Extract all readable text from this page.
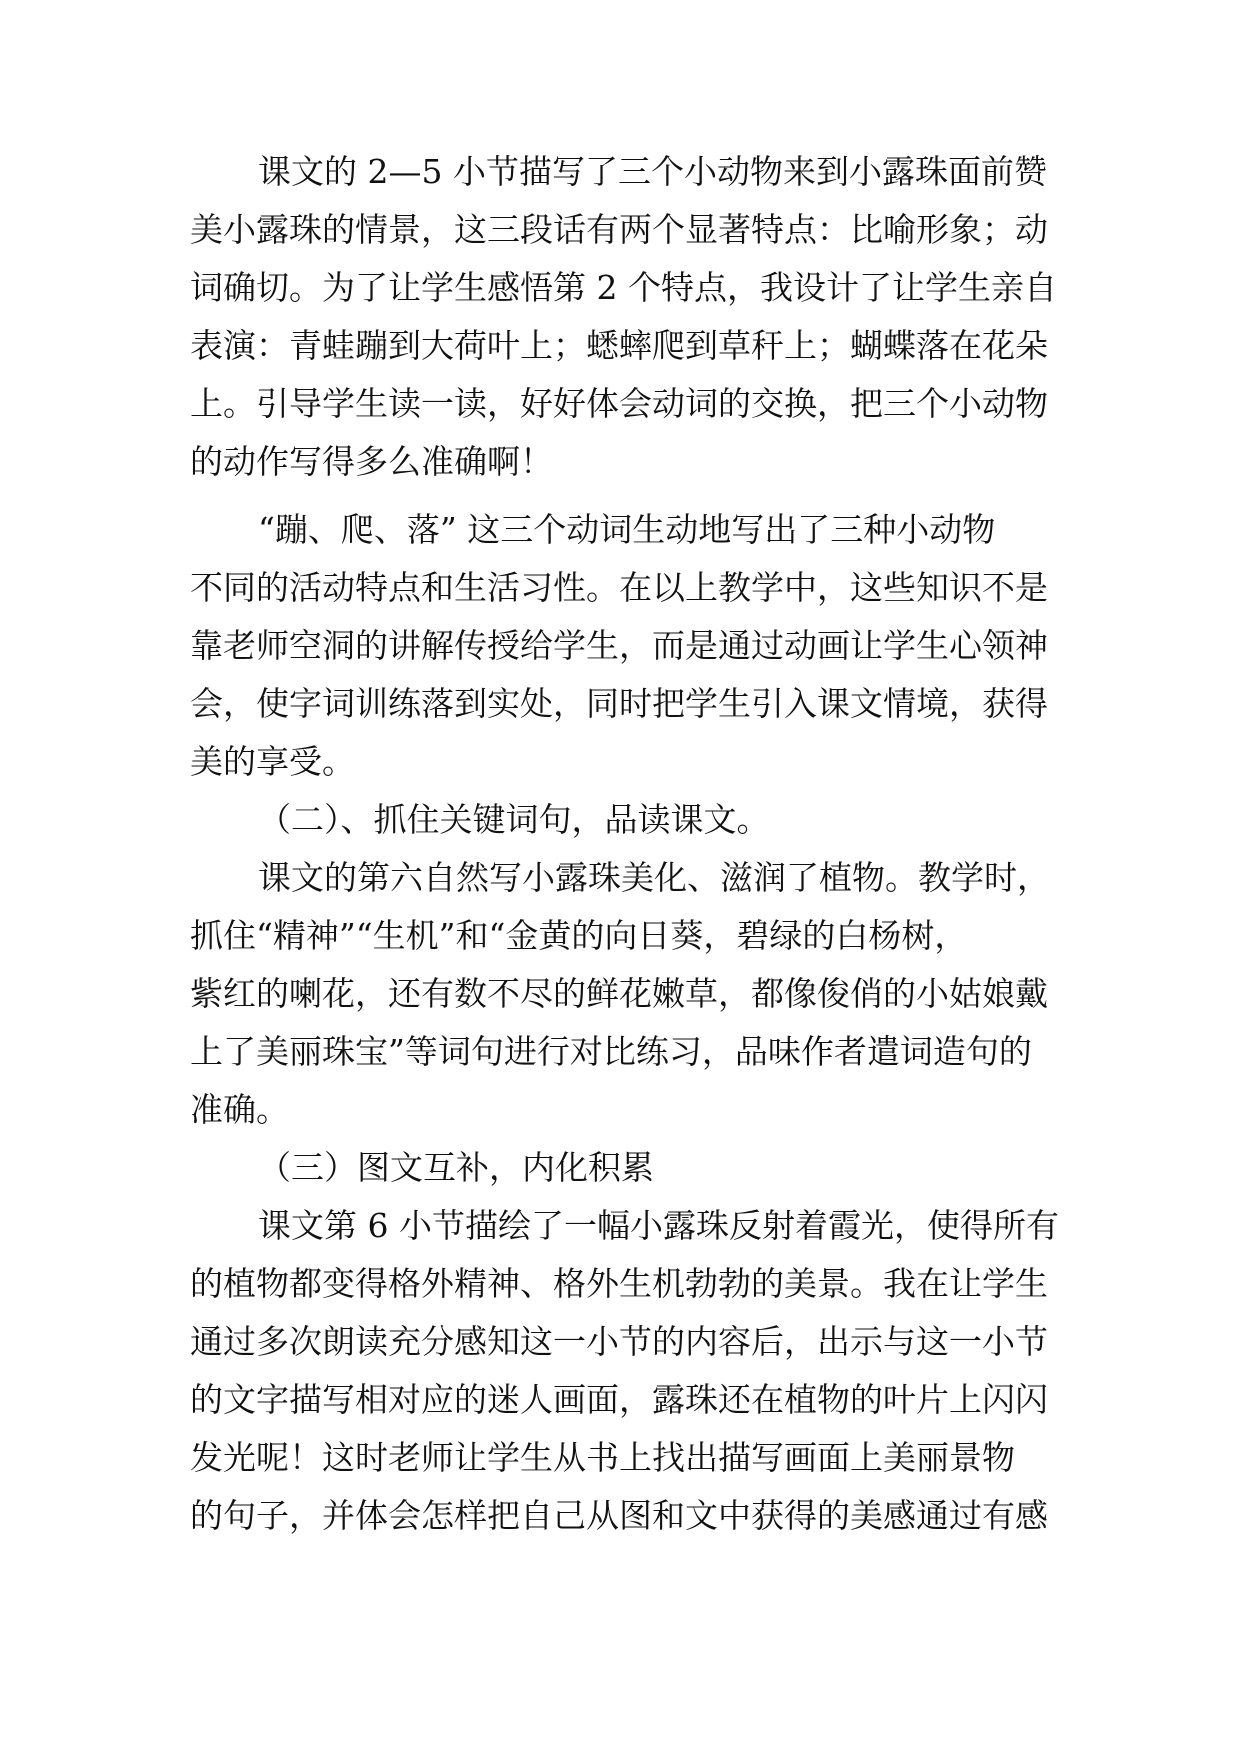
课文的 2—5 小节描写了三个小动物来到小露珠面前赞

美小露珠的情景，这三段话有两个显著特点：比喻形象；动

词确切。为了让学生感悟第 2 个特点，我设计了让学生亲自

表演：青蛙蹦到大荷叶上；蟋蟀爬到草秆上；蝴蝶落在花朵

上。引导学生读一读，好好体会动词的交换，把三个小动物

的动作写得多么准确啊！

“蹦、爬、落” 这三个动词生动地写出了三种小动物

不同的活动特点和生活习性。在以上教学中，这些知识不是

靠老师空洞的讲解传授给学生，而是通过动画让学生心领神

会，使字词训练落到实处，同时把学生引入课文情境，获得

美的享受。

（二）、抓住关键词句，品读课文。

课文的第六自然写小露珠美化、滋润了植物。教学时，

抓住“精神”“生机”和“金黄的向日葵，碧绿的白杨树，

紫红的喇花，还有数不尽的鲜花嫩草，都像俊俏的小姑娘戴

上了美丽珠宝”等词句进行对比练习，品味作者遣词造句的

准确。

（三）图文互补，内化积累

课文第 6 小节描绘了一幅小露珠反射着霞光，使得所有

的植物都变得格外精神、格外生机勃勃的美景。我在让学生

通过多次朗读充分感知这一小节的内容后，出示与这一小节

的文字描写相对应的迷人画面，露珠还在植物的叶片上闪闪

发光呢！这时老师让学生从书上找出描写画面上美丽景物

的句子，并体会怎样把自己从图和文中获得的美感通过有感
